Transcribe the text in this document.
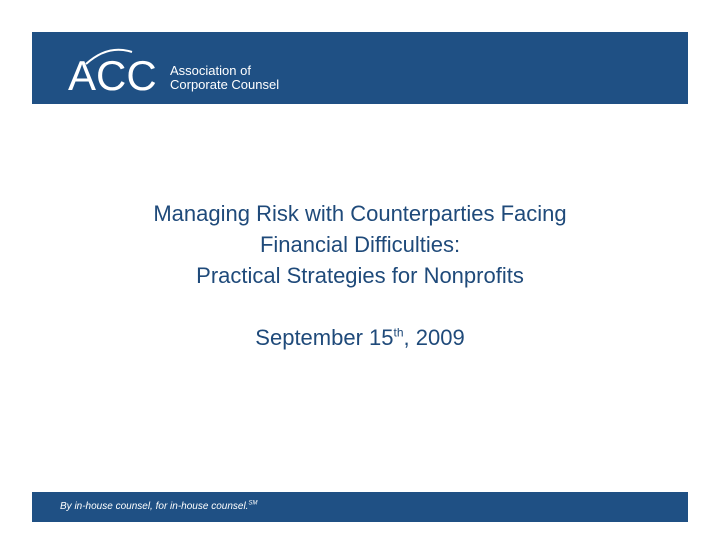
ACC Association of
Corporate Counsel
Managing Risk with Counterparties Facing
Financial Difficulties:
Practical Strategies for Nonprofits
September 15th, 2009
By in-house counsel, for in-house counsel.℠
